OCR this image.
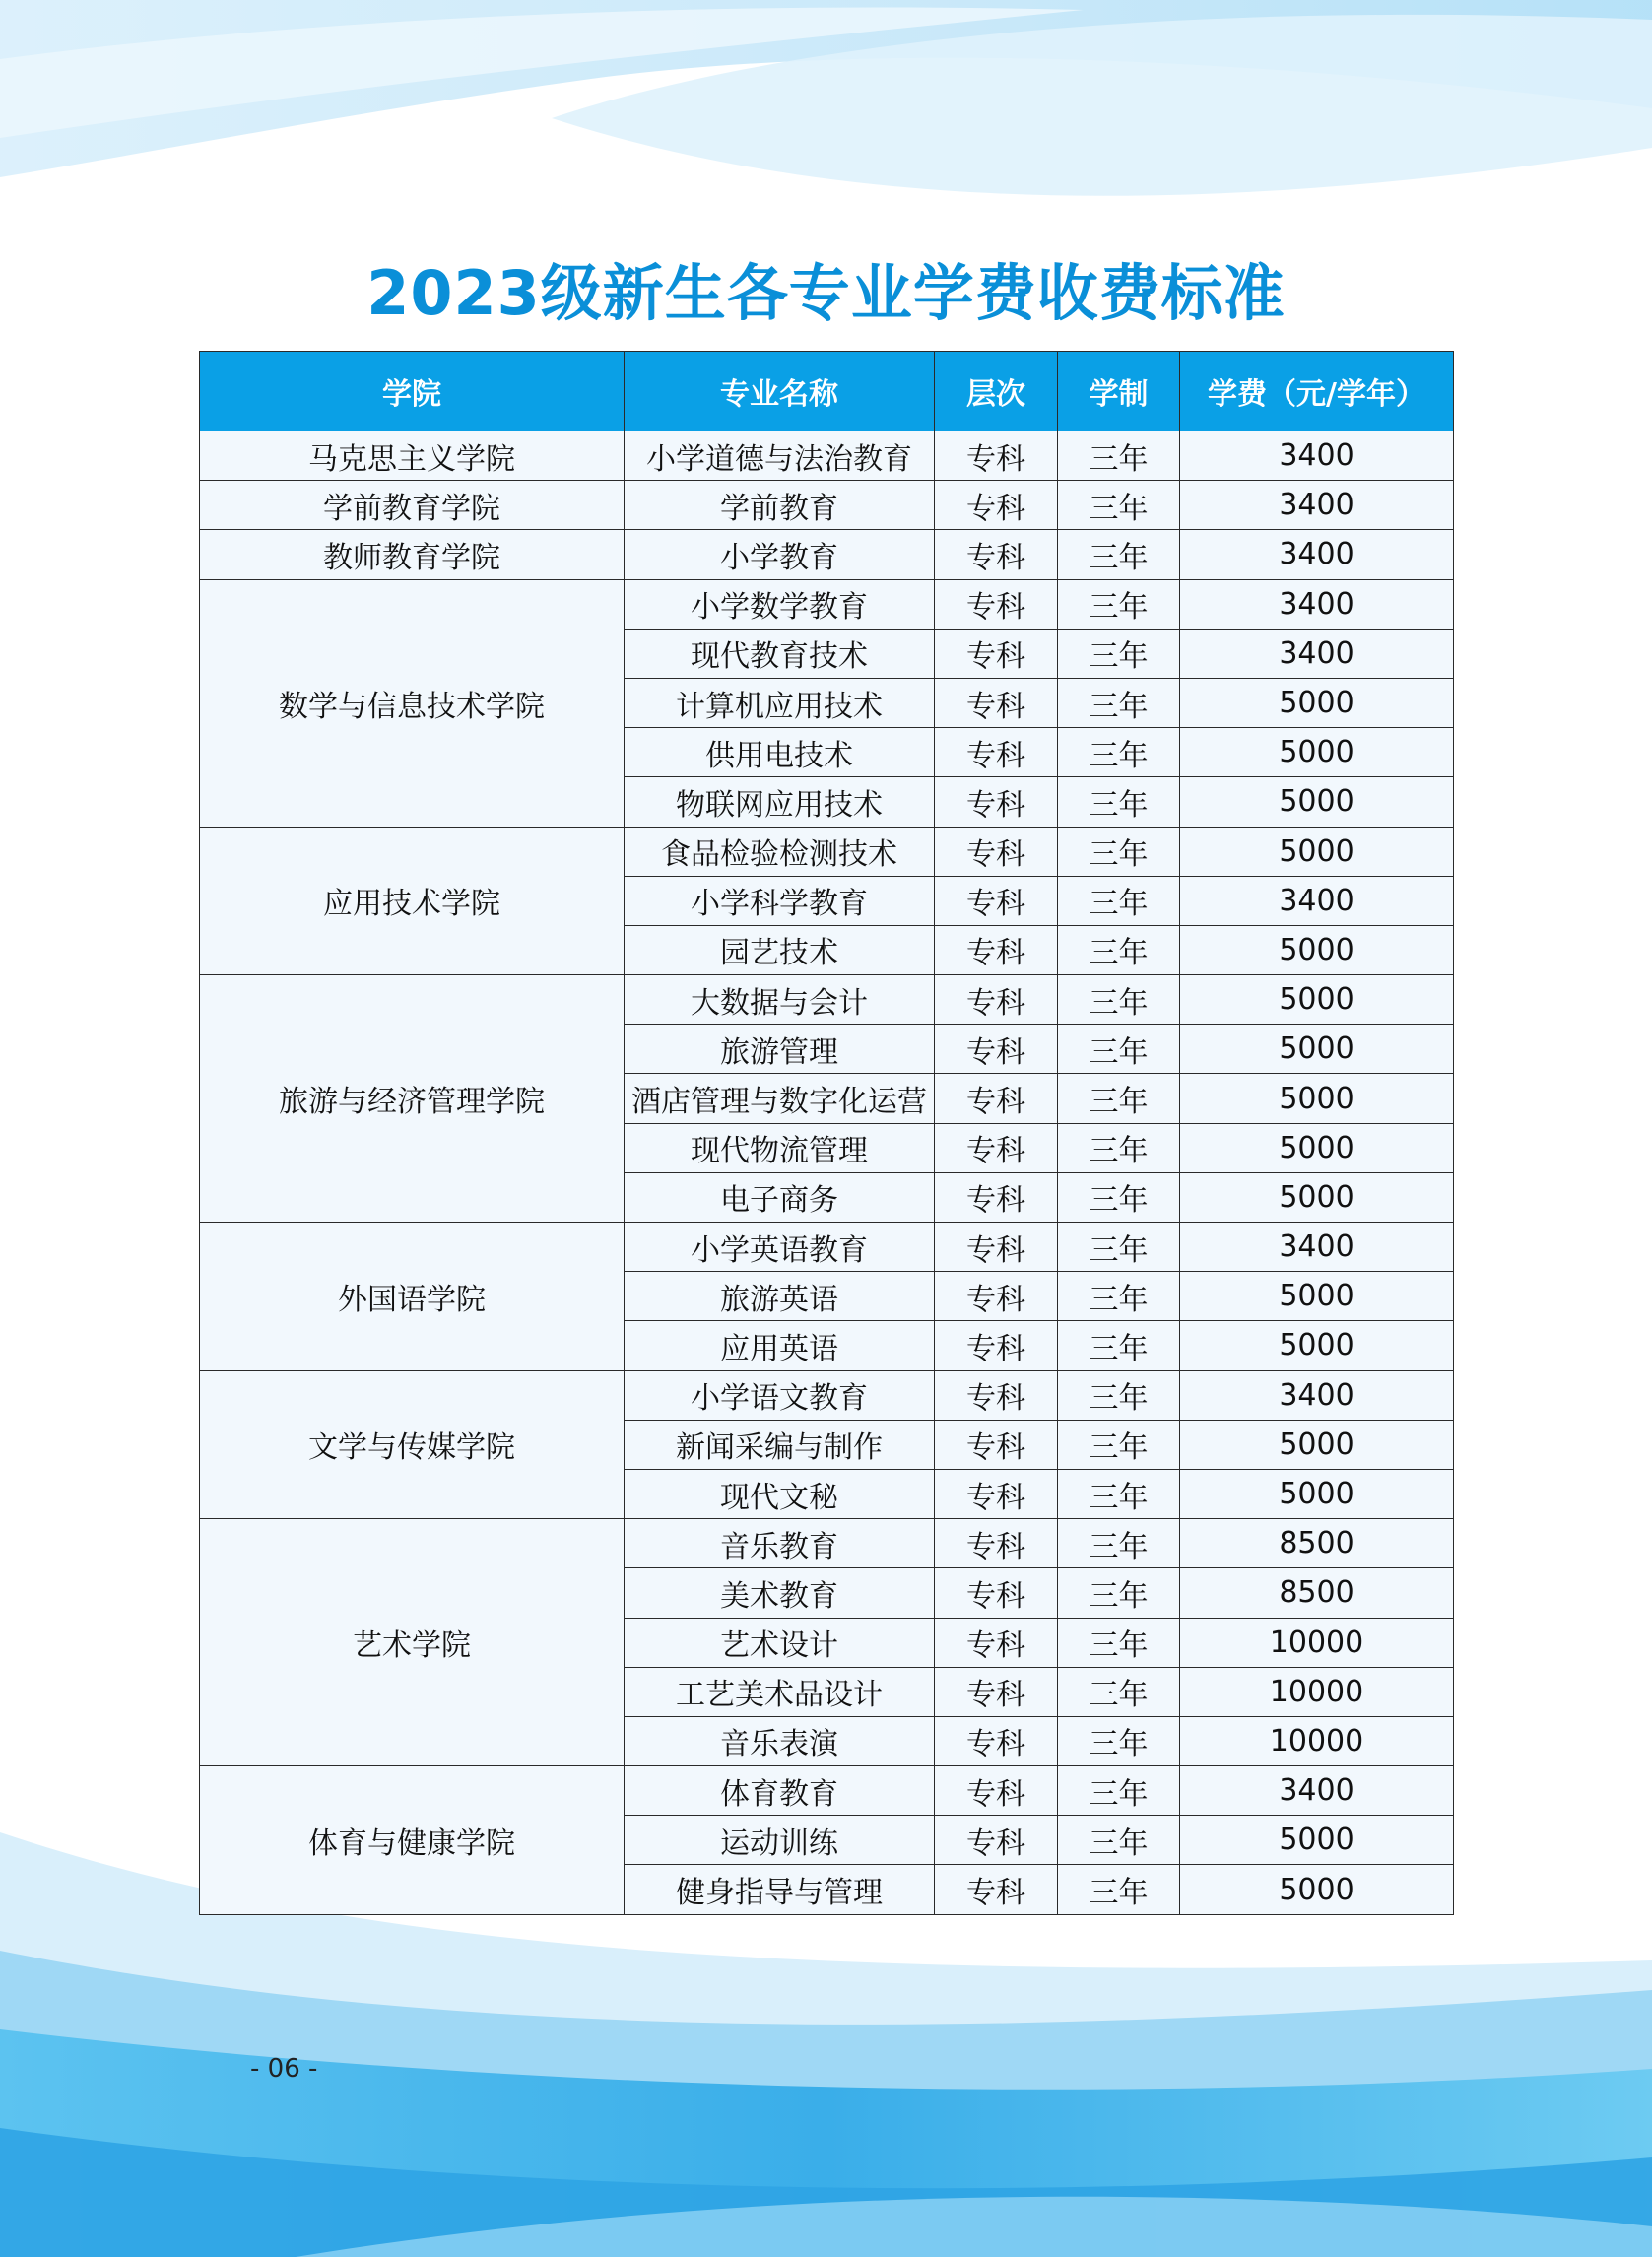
2023级新生各专业学费收费标准
学院	专业名称	层次	学制	学费（元/学年）
马克思主义学院	小学道德与法治教育	专科	三年	3400
学前教育学院	学前教育	专科	三年	3400
教师教育学院	小学教育	专科	三年	3400
数学与信息技术学院	小学数学教育	专科	三年	3400
	现代教育技术	专科	三年	3400
	计算机应用技术	专科	三年	5000
	供用电技术	专科	三年	5000
	物联网应用技术	专科	三年	5000
应用技术学院	食品检验检测技术	专科	三年	5000
	小学科学教育	专科	三年	3400
	园艺技术	专科	三年	5000
旅游与经济管理学院	大数据与会计	专科	三年	5000
	旅游管理	专科	三年	5000
	酒店管理与数字化运营	专科	三年	5000
	现代物流管理	专科	三年	5000
	电子商务	专科	三年	5000
外国语学院	小学英语教育	专科	三年	3400
	旅游英语	专科	三年	5000
	应用英语	专科	三年	5000
文学与传媒学院	小学语文教育	专科	三年	3400
	新闻采编与制作	专科	三年	5000
	现代文秘	专科	三年	5000
艺术学院	音乐教育	专科	三年	8500
	美术教育	专科	三年	8500
	艺术设计	专科	三年	10000
	工艺美术品设计	专科	三年	10000
	音乐表演	专科	三年	10000
体育与健康学院	体育教育	专科	三年	3400
	运动训练	专科	三年	5000
	健身指导与管理	专科	三年	5000
- 06 -
